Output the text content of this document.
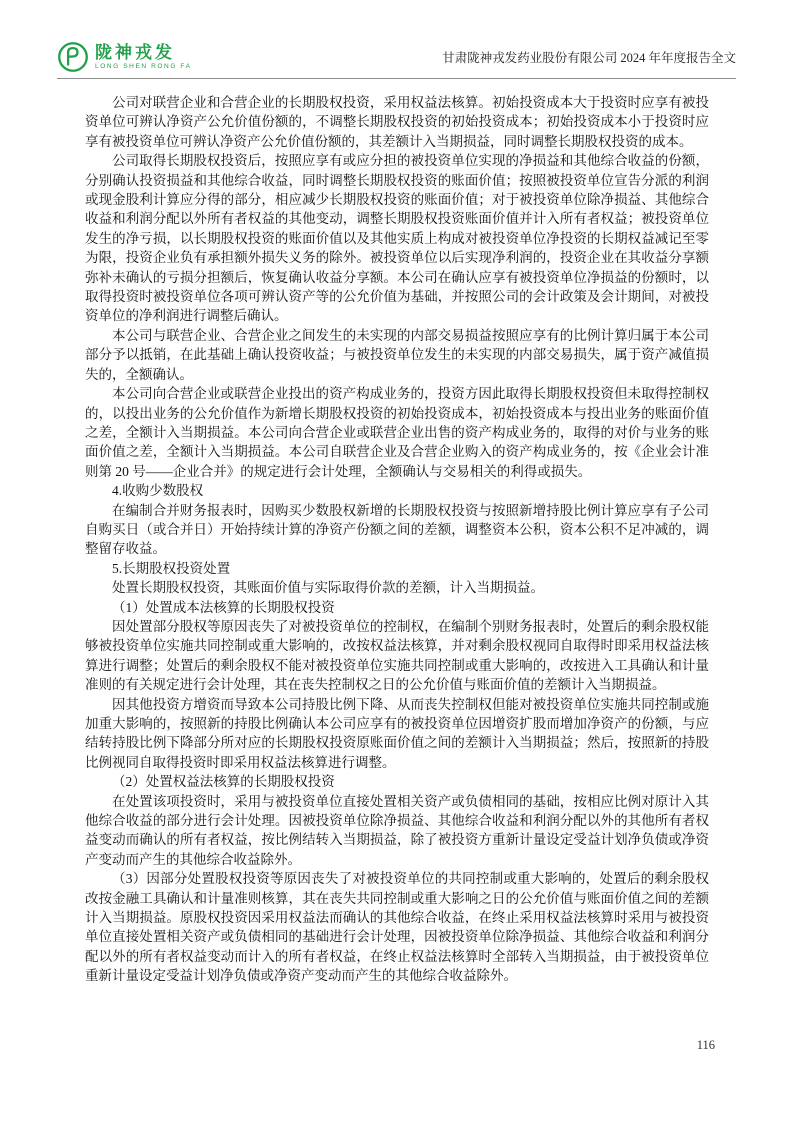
陇神戎发
LONG SHEN RONG FA
甘肃陇神戎发药业股份有限公司 2024 年年度报告全文

公司对联营企业和合营企业的长期股权投资，采用权益法核算。初始投资成本大于投资时应享有被投资单位可辨认净资产公允价值份额的，不调整长期股权投资的初始投资成本；初始投资成本小于投资时应享有被投资单位可辨认净资产公允价值份额的，其差额计入当期损益，同时调整长期股权投资的成本。

公司取得长期股权投资后，按照应享有或应分担的被投资单位实现的净损益和其他综合收益的份额，分别确认投资损益和其他综合收益，同时调整长期股权投资的账面价值；按照被投资单位宣告分派的利润或现金股利计算应分得的部分，相应减少长期股权投资的账面价值；对于被投资单位除净损益、其他综合收益和利润分配以外所有者权益的其他变动，调整长期股权投资账面价值并计入所有者权益；被投资单位发生的净亏损，以长期股权投资的账面价值以及其他实质上构成对被投资单位净投资的长期权益减记至零为限，投资企业负有承担额外损失义务的除外。被投资单位以后实现净利润的，投资企业在其收益分享额弥补未确认的亏损分担额后，恢复确认收益分享额。本公司在确认应享有被投资单位净损益的份额时，以取得投资时被投资单位各项可辨认资产等的公允价值为基础，并按照公司的会计政策及会计期间，对被投资单位的净利润进行调整后确认。

本公司与联营企业、合营企业之间发生的未实现的内部交易损益按照应享有的比例计算归属于本公司部分予以抵销，在此基础上确认投资收益；与被投资单位发生的未实现的内部交易损失，属于资产减值损失的，全额确认。

本公司向合营企业或联营企业投出的资产构成业务的，投资方因此取得长期股权投资但未取得控制权的，以投出业务的公允价值作为新增长期股权投资的初始投资成本，初始投资成本与投出业务的账面价值之差，全额计入当期损益。本公司向合营企业或联营企业出售的资产构成业务的，取得的对价与业务的账面价值之差，全额计入当期损益。本公司自联营企业及合营企业购入的资产构成业务的，按《企业会计准则第 20 号——企业合并》的规定进行会计处理，全额确认与交易相关的利得或损失。

4.收购少数股权

在编制合并财务报表时，因购买少数股权新增的长期股权投资与按照新增持股比例计算应享有子公司自购买日（或合并日）开始持续计算的净资产份额之间的差额，调整资本公积，资本公积不足冲减的，调整留存收益。

5.长期股权投资处置

处置长期股权投资，其账面价值与实际取得价款的差额，计入当期损益。

（1）处置成本法核算的长期股权投资

因处置部分股权等原因丧失了对被投资单位的控制权，在编制个别财务报表时，处置后的剩余股权能够被投资单位实施共同控制或重大影响的，改按权益法核算，并对剩余股权视同自取得时即采用权益法核算进行调整；处置后的剩余股权不能对被投资单位实施共同控制或重大影响的，改按进入工具确认和计量准则的有关规定进行会计处理，其在丧失控制权之日的公允价值与账面价值的差额计入当期损益。

因其他投资方增资而导致本公司持股比例下降、从而丧失控制权但能对被投资单位实施共同控制或施加重大影响的，按照新的持股比例确认本公司应享有的被投资单位因增资扩股而增加净资产的份额，与应结转持股比例下降部分所对应的长期股权投资原账面价值之间的差额计入当期损益；然后，按照新的持股比例视同自取得投资时即采用权益法核算进行调整。

（2）处置权益法核算的长期股权投资

在处置该项投资时，采用与被投资单位直接处置相关资产或负债相同的基础，按相应比例对原计入其他综合收益的部分进行会计处理。因被投资单位除净损益、其他综合收益和利润分配以外的其他所有者权益变动而确认的所有者权益，按比例结转入当期损益，除了被投资方重新计量设定受益计划净负债或净资产变动而产生的其他综合收益除外。

（3）因部分处置股权投资等原因丧失了对被投资单位的共同控制或重大影响的，处置后的剩余股权改按金融工具确认和计量准则核算，其在丧失共同控制或重大影响之日的公允价值与账面价值之间的差额计入当期损益。原股权投资因采用权益法而确认的其他综合收益，在终止采用权益法核算时采用与被投资单位直接处置相关资产或负债相同的基础进行会计处理，因被投资单位除净损益、其他综合收益和利润分配以外的所有者权益变动而计入的所有者权益，在终止权益法核算时全部转入当期损益，由于被投资单位重新计量设定受益计划净负债或净资产变动而产生的其他综合收益除外。

116
